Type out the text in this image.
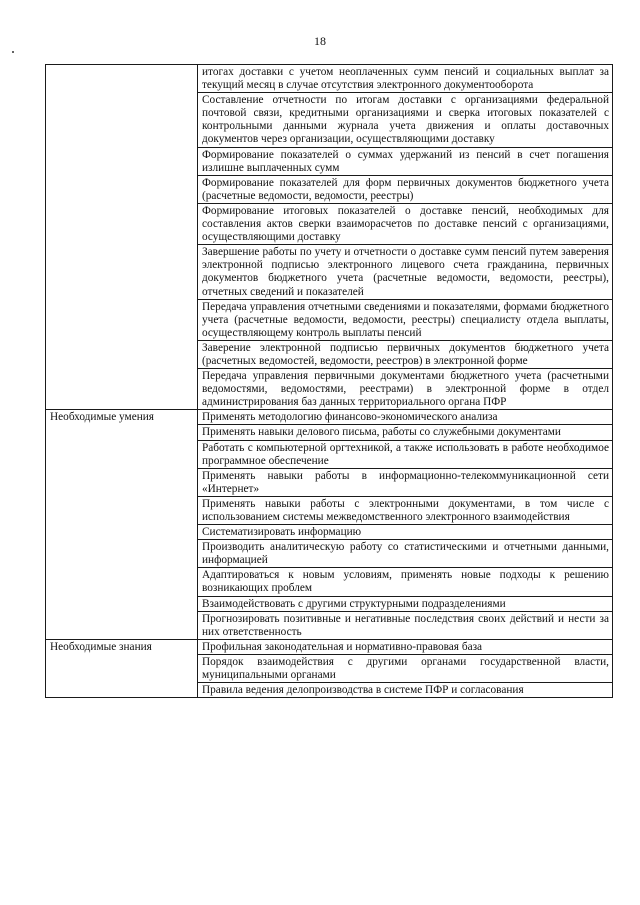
18
	итогах доставки с учетом неоплаченных сумм пенсий и социальных выплат за текущий месяц в случае отсутствия электронного документооборота
	Составление отчетности по итогам доставки с организациями федеральной почтовой связи, кредитными организациями и сверка итоговых показателей с контрольными данными журнала учета движения и оплаты доставочных документов через организации, осуществляющими доставку
	Формирование показателей о суммах удержаний из пенсий в счет погашения излишне выплаченных сумм
	Формирование показателей для форм первичных документов бюджетного учета (расчетные ведомости, ведомости, реестры)
	Формирование итоговых показателей о доставке пенсий, необходимых для составления актов сверки взаиморасчетов по доставке пенсий с организациями, осуществляющими доставку
	Завершение работы по учету и отчетности о доставке сумм пенсий путем заверения электронной подписью электронного лицевого счета гражданина, первичных документов бюджетного учета (расчетные ведомости, ведомости, реестры), отчетных сведений и показателей
	Передача управления отчетными сведениями и показателями, формами бюджетного учета (расчетные ведомости, ведомости, реестры) специалисту отдела выплаты, осуществляющему контроль выплаты пенсий
	Заверение электронной подписью первичных документов бюджетного учета (расчетных ведомостей, ведомости, реестров) в электронной форме
	Передача управления первичными документами бюджетного учета (расчетными ведомостями, ведомостями, реестрами) в электронной форме в отдел администрирования баз данных территориального органа ПФР
Необходимые умения	Применять методологию финансово-экономического анализа
	Применять навыки делового письма, работы со служебными документами
	Работать с компьютерной оргтехникой, а также использовать в работе необходимое программное обеспечение
	Применять навыки работы в информационно-телекоммуникационной сети «Интернет»
	Применять навыки работы с электронными документами, в том числе с использованием системы межведомственного электронного взаимодействия
	Систематизировать информацию
	Производить аналитическую работу со статистическими и отчетными данными, информацией
	Адаптироваться к новым условиям, применять новые подходы к решению возникающих проблем
	Взаимодействовать с другими структурными подразделениями
	Прогнозировать позитивные и негативные последствия своих действий и нести за них ответственность
Необходимые знания	Профильная законодательная и нормативно-правовая база
	Порядок взаимодействия с другими органами государственной власти, муниципальными органами
	Правила ведения делопроизводства в системе ПФР и согласования
